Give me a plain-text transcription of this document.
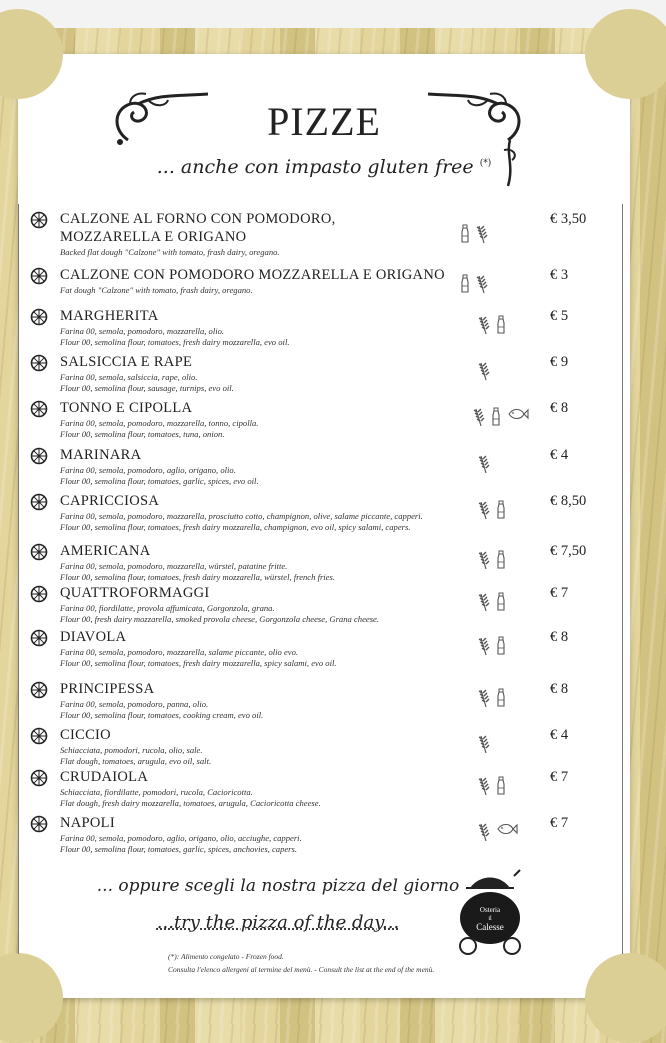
PIZZE
... anche con impasto gluten free (*)
CALZONE AL FORNO CON POMODORO,
MOZZARELLA E ORIGANO
Backed flat dough "Calzone" with tomato, frash dairy, oregano.
€ 3,50
CALZONE CON POMODORO MOZZARELLA E ORIGANO
Fat dough "Calzone" with tomato, frash dairy, oregano.
€ 3
MARGHERITA
Farina 00, semola, pomodoro, mozzarella, olio.
Flour 00, semolina flour, tomatoes, fresh dairy mozzarella, evo oil.
€ 5
SALSICCIA E RAPE
Farina 00, semola, salsiccia, rape, olio.
Flour 00, semolina flour, sausage, turnips, evo oil.
€ 9
TONNO E CIPOLLA
Farina 00, semola, pomodoro, mozzarella, tonno, cipolla.
Flour 00, semolina flour, tomatoes, tuna, onion.
€ 8
MARINARA
Farina 00, semola, pomodoro, aglio, origano, olio.
Flour 00, semolina flour, tomatoes, garlic, spices, evo oil.
€ 4
CAPRICCIOSA
Farina 00, semola, pomodoro, mozzarella, prosciutto cotto, champignon, olive, salame piccante, capperi.
Flour 00, semolina flour, tomatoes, fresh dairy mozzarella, champignon, evo oil, spicy salami, capers.
€ 8,50
AMERICANA
Farina 00, semola, pomodoro, mozzarella, würstel, patatine fritte.
Flour 00, semolina flour, tomatoes, fresh dairy mozzarella, würstel, french fries.
€ 7,50
QUATTROFORMAGGI
Farina 00, fiordilatte, provola affumicata, Gorgonzola, grana.
Flour 00, fresh dairy mozzarella, smoked provola cheese, Gorgonzola cheese, Grana cheese.
€ 7
DIAVOLA
Farina 00, semola, pomodoro, mozzarella, salame piccante, olio evo.
Flour 00, semolina flour, tomatoes, fresh dairy mozzarella, spicy salami, evo oil.
€ 8
PRINCIPESSA
Farina 00, semola, pomodoro, panna, olio.
Flour 00, semolina flour, tomatoes, cooking cream, evo oil.
€ 8
CICCIO
Schiacciata, pomodori, rucola, olio, sale.
Flat dough, tomatoes, arugula, evo oil, salt.
€ 4
CRUDAIOLA
Schiacciata, fiordilatte, pomodori, rucola, Cacioricotta.
Flat dough, fresh dairy mozzarella, tomatoes, arugula, Cacioricotta cheese.
€ 7
NAPOLI
Farina 00, semola, pomodoro, aglio, origano, olio, acciughe, capperi.
Flour 00, semolina flour, tomatoes, garlic, spices, anchovies, capers.
€ 7
... oppure scegli la nostra pizza del giorno
...try the pizza of the day...
(*): Alimento congelato - Frozen food.
Consulta l'elenco allergeni al termine del menù. - Consult the list at the end of the menù.
Osteria
il
Calesse
